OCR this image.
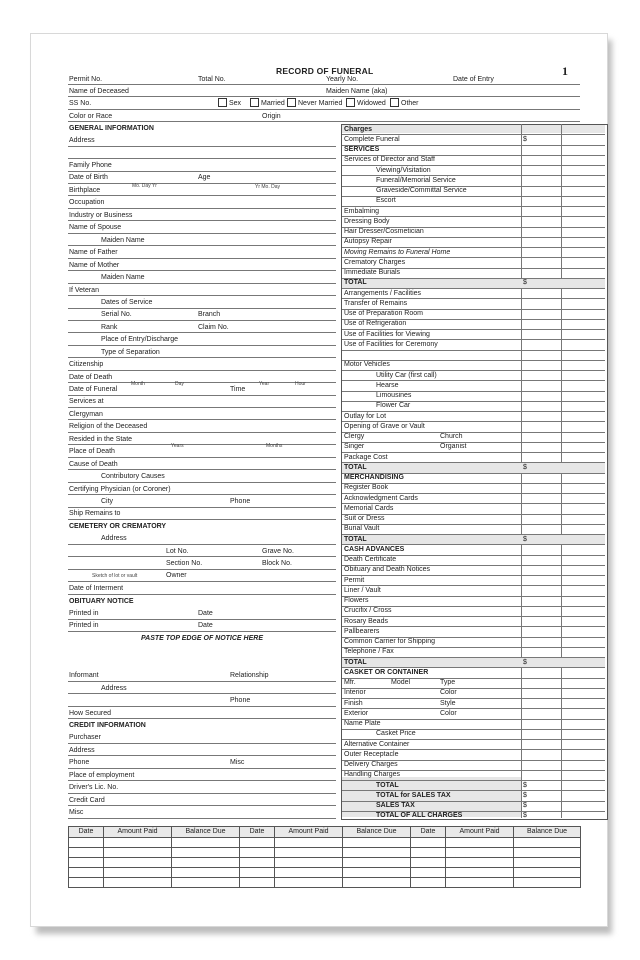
RECORD OF FUNERAL	1
Permit No.	Total No.	Yearly No.	Date of Entry
Name of Deceased	Maiden Name (aka)
SS No.	Sex	Married Never Married Widowed Other
Color or Race	Origin
GENERAL INFORMATION
Address
Family Phone
Date of Birth	Age
Mo. Day Yr	Yr Mo. Day
Birthplace
Occupation
Industry or Business
Name of Spouse
Maiden Name
Name of Father
Name of Mother
Maiden Name
If Veteran
Dates of Service
Serial No.	Branch
Rank	Claim No.
Place of Entry/Discharge
Type of Separation
Citizenship
Date of Death
Month	Day	Year	Hour
Date of Funeral	Time
Services at
Clergyman
Religion of the Deceased
Resided in the State
Years	Months
Place of Death
Cause of Death
Contributory Causes
Certifying Physician (or Coroner)
City	Phone
Ship Remains to
CEMETERY OR CREMATORY
Address
Lot No.	Grave No.
Section No.	Block No.
Sketch of lot or vault	Owner
Date of Interment
OBITUARY NOTICE
Printed in	Date
Printed in	Date
PASTE TOP EDGE OF NOTICE HERE
Informant	Relationship
Address
Phone
How Secured
CREDIT INFORMATION
Purchaser
Address
Phone	Misc
Place of employment
Driver's Lic. No.
Credit Card
Misc
Charges
Complete Funeral	$
SERVICES
Services of Director and Staff
Viewing/Visitation
Funeral/Memorial Service
Graveside/Committal Service
Escort
Embalming
Dressing Body
Hair Dresser/Cosmetician
Autopsy Repair
Moving Remains to Funeral Home
Crematory Charges
Immediate Burials
TOTAL	$
Arrangements / Facilities
Transfer of Remains
Use of Preparation Room
Use of Refrigeration
Use of Facilities for Viewing
Use of Facilities for Ceremony
Motor Vehicles
Utility Car (first call)
Hearse
Limousines
Flower Car
Outlay for Lot
Opening of Grave or Vault
Clergy	Church
Singer	Organist
Package Cost
TOTAL	$
MERCHANDISING
Register Book
Acknowledgment Cards
Memorial Cards
Suit or Dress
Burial Vault
TOTAL	$
CASH ADVANCES
Death Certificate
Obituary and Death Notices
Permit
Liner / Vault
Flowers
Crucifix / Cross
Rosary Beads
Pallbearers
Common Carrier for Shipping
Telephone / Fax
TOTAL	$
CASKET OR CONTAINER
Mfr.	Model	Type
Interior	Color
Finish	Style
Exterior	Color
Name Plate
Casket Price
Alternative Container
Outer Receptacle
Delivery Charges
Handling Charges
TOTAL	$
TOTAL for SALES TAX	$
SALES TAX	$
TOTAL OF ALL CHARGES	$
Date	Amount Paid	Balance Due	Date	Amount Paid	Balance Due	Date	Amount Paid	Balance Due
